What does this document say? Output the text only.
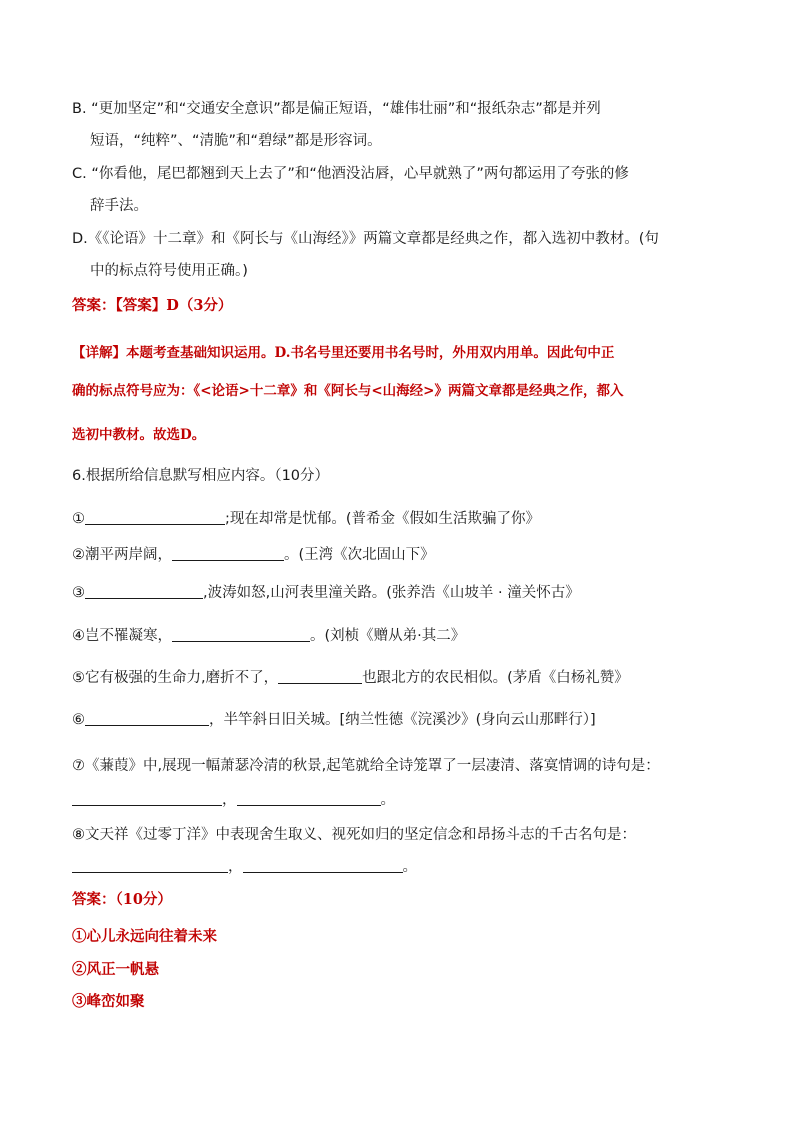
B. “更加坚定”和“交通安全意识”都是偏正短语，“雄伟壮丽”和“报纸杂志”都是并列
短语，“纯粹”、“清脆”和“碧绿”都是形容词。
C. “你看他，尾巴都翘到天上去了”和“他酒没沾唇，心早就熟了”两句都运用了夸张的修
辞手法。
D.《《论语》十二章》和《阿长与《山海经》》两篇文章都是经典之作，都入选初中教材。(句
中的标点符号使用正确。)
答案：【答案】D（3分）
【详解】本题考查基础知识运用。D.书名号里还要用书名号时，外用双内用单。因此句中正
确的标点符号应为：《<论语>十二章》和《阿长与<山海经>》两篇文章都是经典之作，都入
选初中教材。故选D。
6.根据所给信息默写相应内容。（10分）
①	;现在却常是忧郁。(普希金《假如生活欺骗了你》
②潮平两岸阔，	。(王湾《次北固山下》
③	,波涛如怒,山河表里潼关路。(张养浩《山坡羊 · 潼关怀古》
④岂不罹凝寒，	。(刘桢《赠从弟·其二》
⑤它有极强的生命力,磨折不了，	也跟北方的农民相似。(茅盾《白杨礼赞》
⑥	，半竿斜日旧关城。[纳兰性德《浣溪沙》(身向云山那畔行）]
⑦《蒹葭》中,展现一幅萧瑟冷清的秋景,起笔就给全诗笼罩了一层凄清、落寞情调的诗句是：
，	。
⑧文天祥《过零丁洋》中表现舍生取义、视死如归的坚定信念和昂扬斗志的千古名句是：
，	。
答案：（10分）
①心儿永远向往着未来
②风正一帆悬
③峰峦如聚
